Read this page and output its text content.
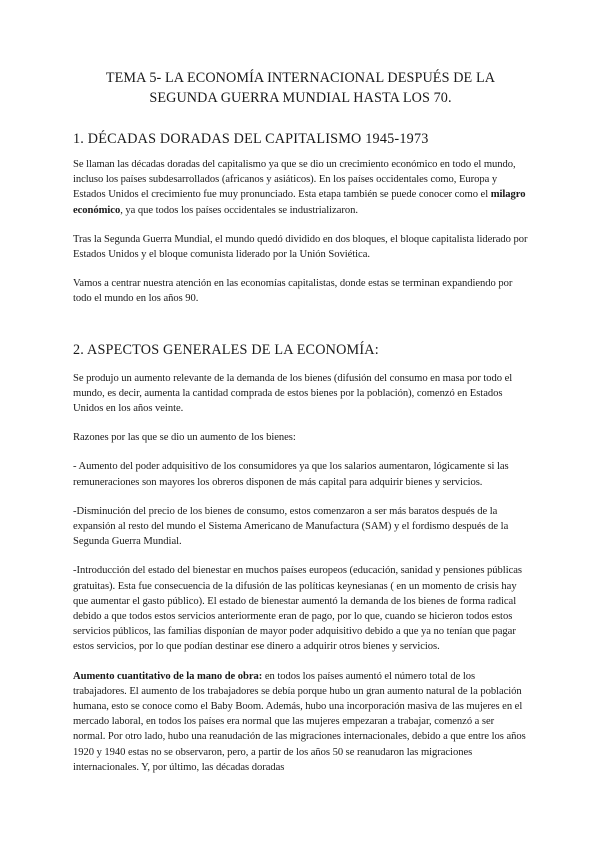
TEMA 5- LA ECONOMÍA INTERNACIONAL DESPUÉS DE LA
SEGUNDA GUERRA MUNDIAL HASTA LOS 70.
1. DÉCADAS DORADAS DEL CAPITALISMO 1945-1973

Se llaman las décadas doradas del capitalismo ya que se dio un crecimiento económico en todo el mundo, incluso los países subdesarrollados (africanos y asiáticos). En los países occidentales como, Europa y Estados Unidos el crecimiento fue muy pronunciado. Esta etapa también se puede conocer como el milagro económico, ya que todos los países occidentales se industrializaron.

Tras la Segunda Guerra Mundial, el mundo quedó dividido en dos bloques, el bloque capitalista liderado por Estados Unidos y el bloque comunista liderado por la Unión Soviética.

Vamos a centrar nuestra atención en las economías capitalistas, donde estas se terminan expandiendo por todo el mundo en los años 90.

2. ASPECTOS GENERALES DE LA ECONOMÍA:

Se produjo un aumento relevante de la demanda de los bienes (difusión del consumo en masa por todo el mundo, es decir, aumenta la cantidad comprada de estos bienes por la población), comenzó en Estados Unidos en los años veinte.

Razones por las que se dio un aumento de los bienes:

- Aumento del poder adquisitivo de los consumidores ya que los salarios aumentaron, lógicamente si las remuneraciones son mayores los obreros disponen de más capital para adquirir bienes y servicios.

-Disminución del precio de los bienes de consumo, estos comenzaron a ser más baratos después de la expansión al resto del mundo el Sistema Americano de Manufactura (SAM) y el fordismo después de la Segunda Guerra Mundial.

-Introducción del estado del bienestar en muchos países europeos (educación, sanidad y pensiones públicas gratuitas). Esta fue consecuencia de la difusión de las políticas keynesianas ( en un momento de crisis hay que aumentar el gasto público). El estado de bienestar aumentó la demanda de los bienes de forma radical debido a que todos estos servicios anteriormente eran de pago, por lo que, cuando se hicieron todos estos servicios públicos, las familias disponían de mayor poder adquisitivo debido a que ya no tenían que pagar estos servicios, por lo que podían destinar ese dinero a adquirir otros bienes y servicios.

Aumento cuantitativo de la mano de obra: en todos los países aumentó el número total de los trabajadores. El aumento de los trabajadores se debía porque hubo un gran aumento natural de la población humana, esto se conoce como el Baby Boom. Además, hubo una incorporación masiva de las mujeres en el mercado laboral, en todos los países era normal que las mujeres empezaran a trabajar, comenzó a ser normal. Por otro lado, hubo una reanudación de las migraciones internacionales, debido a que entre los años 1920 y 1940 estas no se observaron, pero, a partir de los años 50 se reanudaron las migraciones internacionales. Y, por último, las décadas doradas
